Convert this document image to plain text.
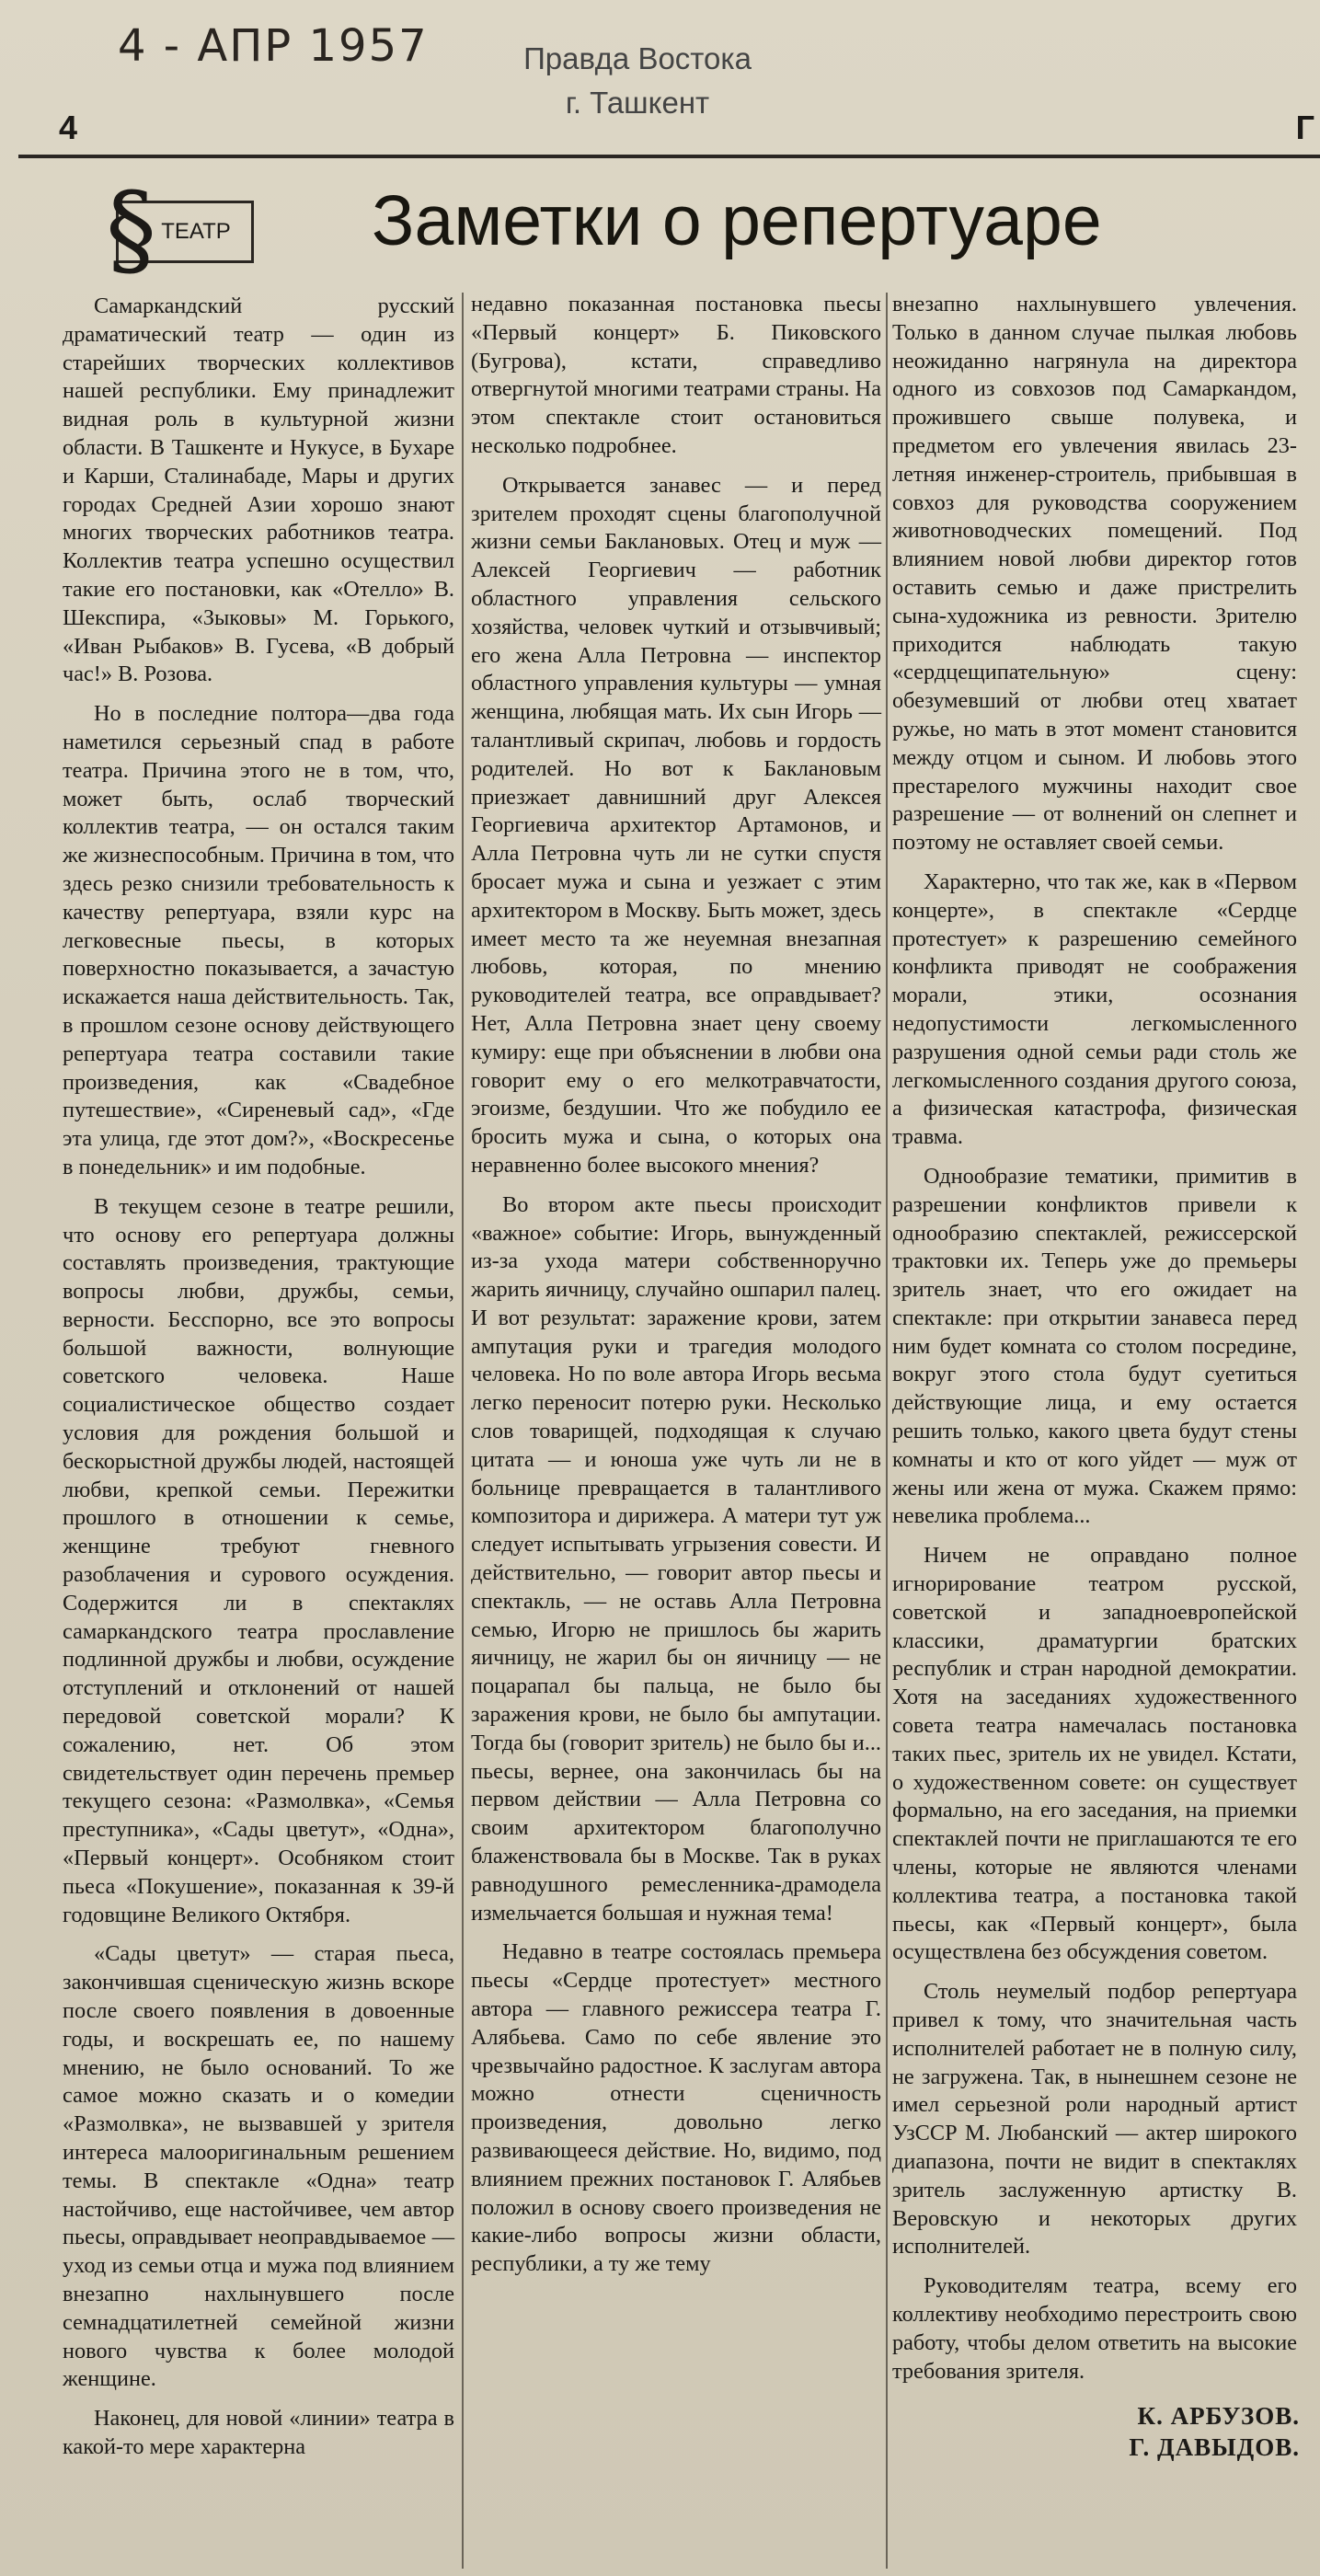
4 - АПР 1957	Правда Востока
г. Ташкент
4	Г
§ ТЕАТР Заметки о репертуаре

Самаркандский русский драматический театр — один из старейших творческих коллективов нашей республики. Ему принадлежит видная роль в культурной жизни области. В Ташкенте и Нукусе, в Бухаре и Карши, Сталинабаде, Мары и других городах Средней Азии хорошо знают многих творческих работников театра. Коллектив театра успешно осуществил такие его постановки, как «Отелло» В. Шекспира, «Зыковы» М. Горького, «Иван Рыбаков» В. Гусева, «В добрый час!» В. Розова.

Но в последние полтора—два года наметился серьезный спад в работе театра. Причина этого не в том, что, может быть, ослаб творческий коллектив театра, — он остался таким же жизнеспособным. Причина в том, что здесь резко снизили требовательность к качеству репертуара, взяли курс на легковесные пьесы, в которых поверхностно показывается, а зачастую искажается наша действительность. Так, в прошлом сезоне основу действующего репертуара театра составили такие произведения, как «Свадебное путешествие», «Сиреневый сад», «Где эта улица, где этот дом?», «Воскресенье в понедельник» и им подобные.

В текущем сезоне в театре решили, что основу его репертуара должны составлять произведения, трактующие вопросы любви, дружбы, семьи, верности. Бесспорно, все это вопросы большой важности, волнующие советского человека. Наше социалистическое общество создает условия для рождения большой и бескорыстной дружбы людей, настоящей любви, крепкой семьи. Пережитки прошлого в отношении к семье, женщине требуют гневного разоблачения и сурового осуждения. Содержится ли в спектаклях самаркандского театра прославление подлинной дружбы и любви, осуждение отступлений и отклонений от нашей передовой советской морали? К сожалению, нет. Об этом свидетельствует один перечень премьер текущего сезона: «Размолвка», «Семья преступника», «Сады цветут», «Одна», «Первый концерт». Особняком стоит пьеса «Покушение», показанная к 39-й годовщине Великого Октября.

«Сады цветут» — старая пьеса, закончившая сценическую жизнь вскоре после своего появления в довоенные годы, и воскрешать ее, по нашему мнению, не было оснований. То же самое можно сказать и о комедии «Размолвка», не вызвавшей у зрителя интереса малооригинальным решением темы. В спектакле «Одна» театр настойчиво, еще настойчивее, чем автор пьесы, оправдывает неоправдываемое — уход из семьи отца и мужа под влиянием внезапно нахлынувшего после семнадцатилетней семейной жизни нового чувства к более молодой женщине.

Наконец, для новой «линии» театра в какой-то мере характерна

недавно показанная постановка пьесы «Первый концерт» Б. Пиковского (Бугрова), кстати, справедливо отвергнутой многими театрами страны. На этом спектакле стоит остановиться несколько подробнее.

Открывается занавес — и перед зрителем проходят сцены благополучной жизни семьи Баклановых. Отец и муж — Алексей Георгиевич — работник областного управления сельского хозяйства, человек чуткий и отзывчивый; его жена Алла Петровна — инспектор областного управления культуры — умная женщина, любящая мать. Их сын Игорь — талантливый скрипач, любовь и гордость родителей. Но вот к Баклановым приезжает давнишний друг Алексея Георгиевича архитектор Артамонов, и Алла Петровна чуть ли не сутки спустя бросает мужа и сына и уезжает с этим архитектором в Москву. Быть может, здесь имеет место та же неуемная внезапная любовь, которая, по мнению руководителей театра, все оправдывает? Нет, Алла Петровна знает цену своему кумиру: еще при объяснении в любви она говорит ему о его мелкотравчатости, эгоизме, бездушии. Что же побудило ее бросить мужа и сына, о которых она неравненно более высокого мнения?

Во втором акте пьесы происходит «важное» событие: Игорь, вынужденный из-за ухода матери собственноручно жарить яичницу, случайно ошпарил палец. И вот результат: заражение крови, затем ампутация руки и трагедия молодого человека. Но по воле автора Игорь весьма легко переносит потерю руки. Несколько слов товарищей, подходящая к случаю цитата — и юноша уже чуть ли не в больнице превращается в талантливого композитора и дирижера. А матери тут уж следует испытывать угрызения совести. И действительно, — говорит автор пьесы и спектакль, — не оставь Алла Петровна семью, Игорю не пришлось бы жарить яичницу, не жарил бы он яичницу — не поцарапал бы пальца, не было бы заражения крови, не было бы ампутации. Тогда бы (говорит зритель) не было бы и... пьесы, вернее, она закончилась бы на первом действии — Алла Петровна со своим архитектором благополучно блаженствовала бы в Москве. Так в руках равнодушного ремесленника-драмодела измельчается большая и нужная тема!

Недавно в театре состоялась премьера пьесы «Сердце протестует» местного автора — главного режиссера театра Г. Алябьева. Само по себе явление это чрезвычайно радостное. К заслугам автора можно отнести сценичность произведения, довольно легко развивающееся действие. Но, видимо, под влиянием прежних постановок Г. Алябьев положил в основу своего произведения не какие-либо вопросы жизни области, республики, а ту же тему

внезапно нахлынувшего увлечения. Только в данном случае пылкая любовь неожиданно нагрянула на директора одного из совхозов под Самаркандом, прожившего свыше полувека, и предметом его увлечения явилась 23-летняя инженер-строитель, прибывшая в совхоз для руководства сооружением животноводческих помещений. Под влиянием новой любви директор готов оставить семью и даже пристрелить сына-художника из ревности. Зрителю приходится наблюдать такую «сердцещипательную» сцену: обезумевший от любви отец хватает ружье, но мать в этот момент становится между отцом и сыном. И любовь этого престарелого мужчины находит свое разрешение — от волнений он слепнет и поэтому не оставляет своей семьи.

Характерно, что так же, как в «Первом концерте», в спектакле «Сердце протестует» к разрешению семейного конфликта приводят не соображения морали, этики, осознания недопустимости легкомысленного разрушения одной семьи ради столь же легкомысленного создания другого союза, а физическая катастрофа, физическая травма.

Однообразие тематики, примитив в разрешении конфликтов привели к однообразию спектаклей, режиссерской трактовки их. Теперь уже до премьеры зритель знает, что его ожидает на спектакле: при открытии занавеса перед ним будет комната со столом посредине, вокруг этого стола будут суетиться действующие лица, и ему остается решить только, какого цвета будут стены комнаты и кто от кого уйдет — муж от жены или жена от мужа. Скажем прямо: невелика проблема...

Ничем не оправдано полное игнорирование театром русской, советской и западноевропейской классики, драматургии братских республик и стран народной демократии. Хотя на заседаниях художественного совета театра намечалась постановка таких пьес, зритель их не увидел. Кстати, о художественном совете: он существует формально, на его заседания, на приемки спектаклей почти не приглашаются те его члены, которые не являются членами коллектива театра, а постановка такой пьесы, как «Первый концерт», была осуществлена без обсуждения советом.

Столь неумелый подбор репертуара привел к тому, что значительная часть исполнителей работает не в полную силу, не загружена. Так, в нынешнем сезоне не имел серьезной роли народный артист УзССР М. Любанский — актер широкого диапазона, почти не видит в спектаклях зритель заслуженную артистку В. Веровскую и некоторых других исполнителей.

Руководителям театра, всему его коллективу необходимо перестроить свою работу, чтобы делом ответить на высокие требования зрителя.

К. АРБУЗОВ.
Г. ДАВЫДОВ.
